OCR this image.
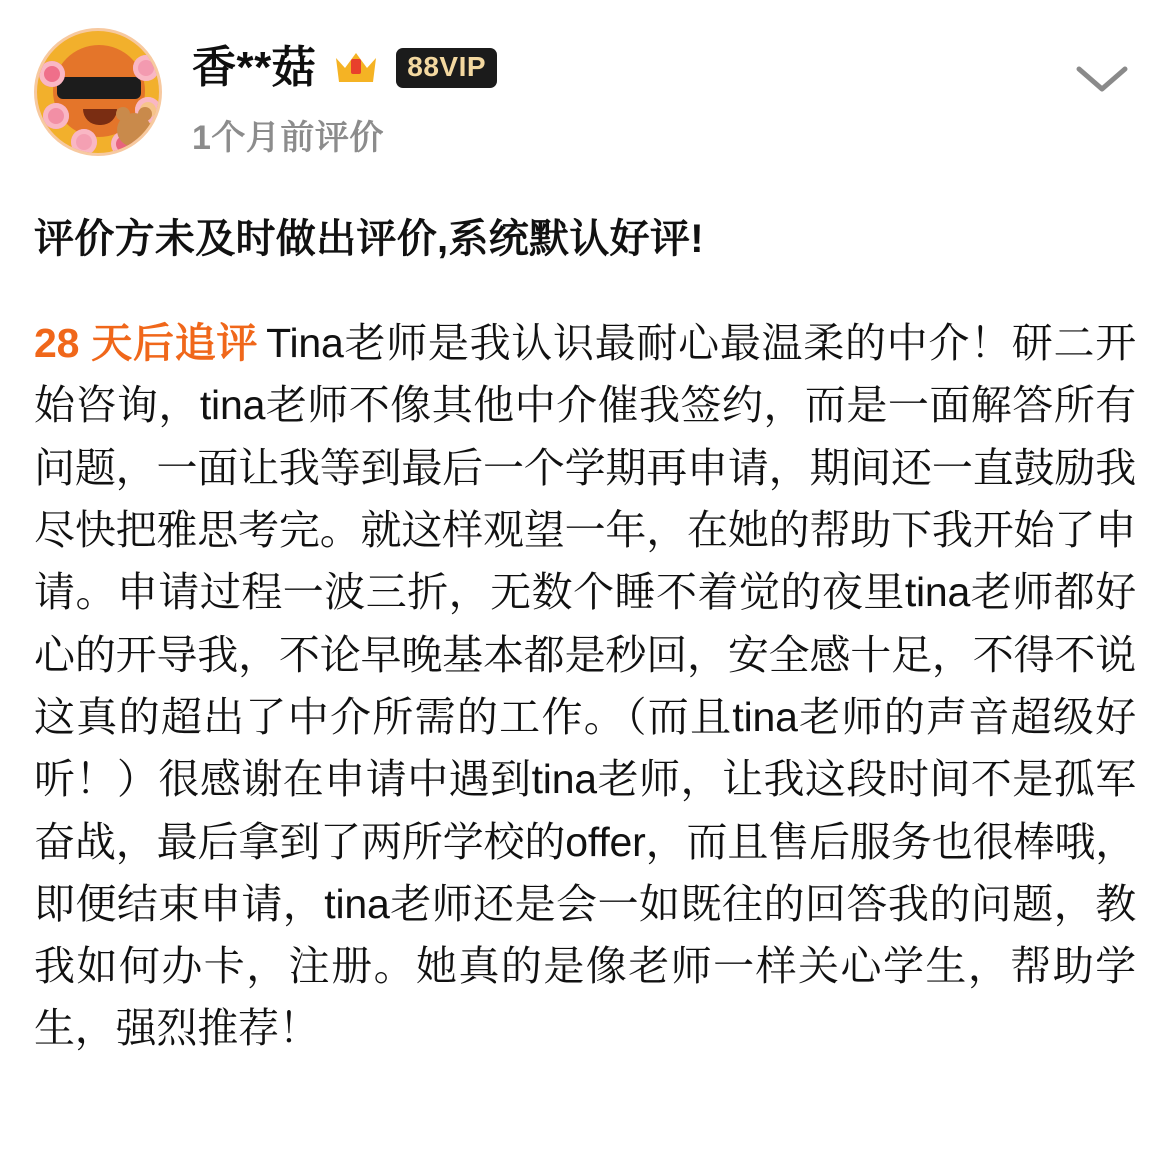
香**菇	88VIP
1个月前评价
评价方未及时做出评价,系统默认好评!
28 天后追评 Tina老师是我认识最耐心最温柔的中介！研二开始咨询，tina老师不像其他中介催我签约，而是一面解答所有问题，一面让我等到最后一个学期再申请，期间还一直鼓励我尽快把雅思考完。就这样观望一年，在她的帮助下我开始了申请。申请过程一波三折，无数个睡不着觉的夜里tina老师都好心的开导我，不论早晚基本都是秒回，安全感十足，不得不说这真的超出了中介所需的工作。（而且tina老师的声音超级好听！）很感谢在申请中遇到tina老师，让我这段时间不是孤军奋战，最后拿到了两所学校的offer，而且售后服务也很棒哦，即便结束申请，tina老师还是会一如既往的回答我的问题，教我如何办卡，注册。她真的是像老师一样关心学生，帮助学生，强烈推荐！
